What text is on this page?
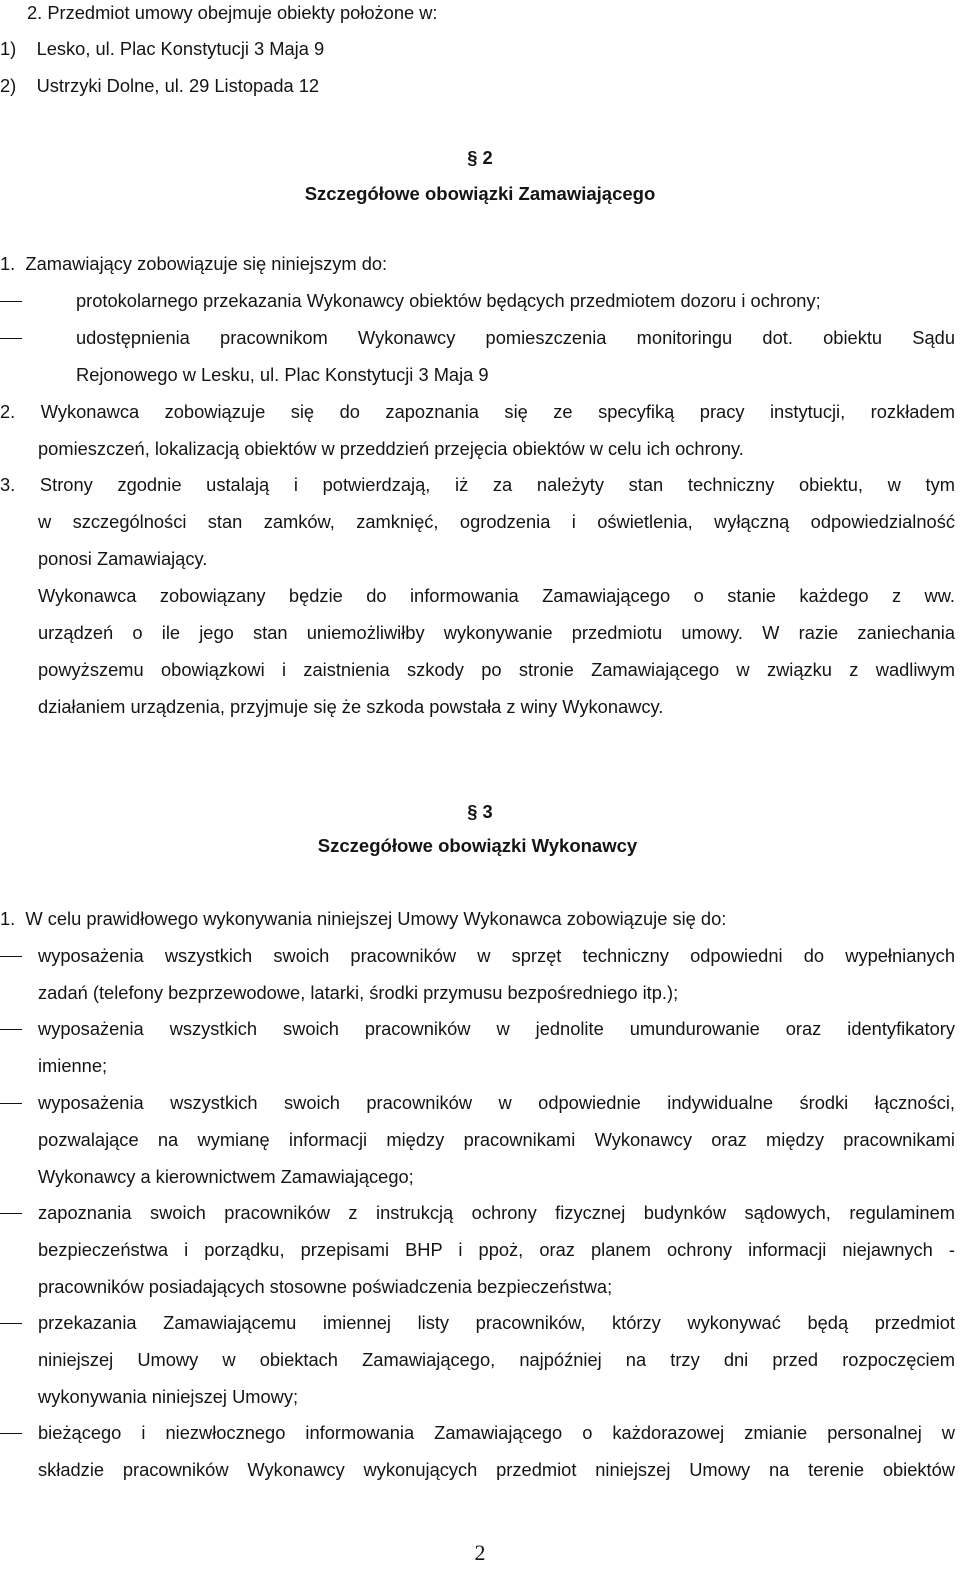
2. Przedmiot umowy obejmuje obiekty położone w:
1)    Lesko, ul. Plac Konstytucji 3 Maja 9
2)    Ustrzyki Dolne, ul. 29 Listopada 12
§ 2
Szczegółowe obowiązki Zamawiającego
1.  Zamawiający zobowiązuje się niniejszym do:
protokolarnego przekazania Wykonawcy obiektów będących przedmiotem dozoru i ochrony;
udostępnienia pracownikom Wykonawcy pomieszczenia monitoringu dot. obiektu Sądu
Rejonowego w Lesku, ul. Plac Konstytucji 3 Maja 9
2. Wykonawca zobowiązuje się do zapoznania się ze specyfiką pracy instytucji, rozkładem
pomieszczeń, lokalizacją obiektów w przeddzień przejęcia obiektów w celu ich ochrony.
3. Strony zgodnie ustalają i potwierdzają, iż za należyty stan techniczny obiektu, w tym
w szczególności stan zamków, zamknięć, ogrodzenia i oświetlenia, wyłączną odpowiedzialność
ponosi Zamawiający.
Wykonawca zobowiązany będzie do informowania Zamawiającego o stanie każdego z ww.
urządzeń o ile jego stan uniemożliwiłby wykonywanie przedmiotu umowy. W razie zaniechania
powyższemu obowiązkowi i zaistnienia szkody po stronie Zamawiającego w związku z wadliwym
działaniem urządzenia, przyjmuje się że szkoda powstała z winy Wykonawcy.
§ 3
Szczegółowe obowiązki Wykonawcy
1.  W celu prawidłowego wykonywania niniejszej Umowy Wykonawca zobowiązuje się do:
wyposażenia wszystkich swoich pracowników w sprzęt techniczny odpowiedni do wypełnianych
zadań (telefony bezprzewodowe, latarki, środki przymusu bezpośredniego itp.);
wyposażenia wszystkich swoich pracowników w jednolite umundurowanie oraz identyfikatory
imienne;
wyposażenia wszystkich swoich pracowników w odpowiednie indywidualne środki łączności,
pozwalające na wymianę informacji między pracownikami Wykonawcy oraz między pracownikami
Wykonawcy a kierownictwem Zamawiającego;
zapoznania swoich pracowników z instrukcją ochrony fizycznej budynków sądowych, regulaminem
bezpieczeństwa i porządku, przepisami BHP i ppoż, oraz planem ochrony informacji niejawnych -
pracowników posiadających stosowne poświadczenia bezpieczeństwa;
przekazania Zamawiającemu imiennej listy pracowników, którzy wykonywać będą przedmiot
niniejszej Umowy w obiektach Zamawiającego, najpóźniej na trzy dni przed rozpoczęciem
wykonywania niniejszej Umowy;
bieżącego i niezwłocznego informowania Zamawiającego o każdorazowej zmianie personalnej w
składzie pracowników Wykonawcy wykonujących przedmiot niniejszej Umowy na terenie obiektów
2
